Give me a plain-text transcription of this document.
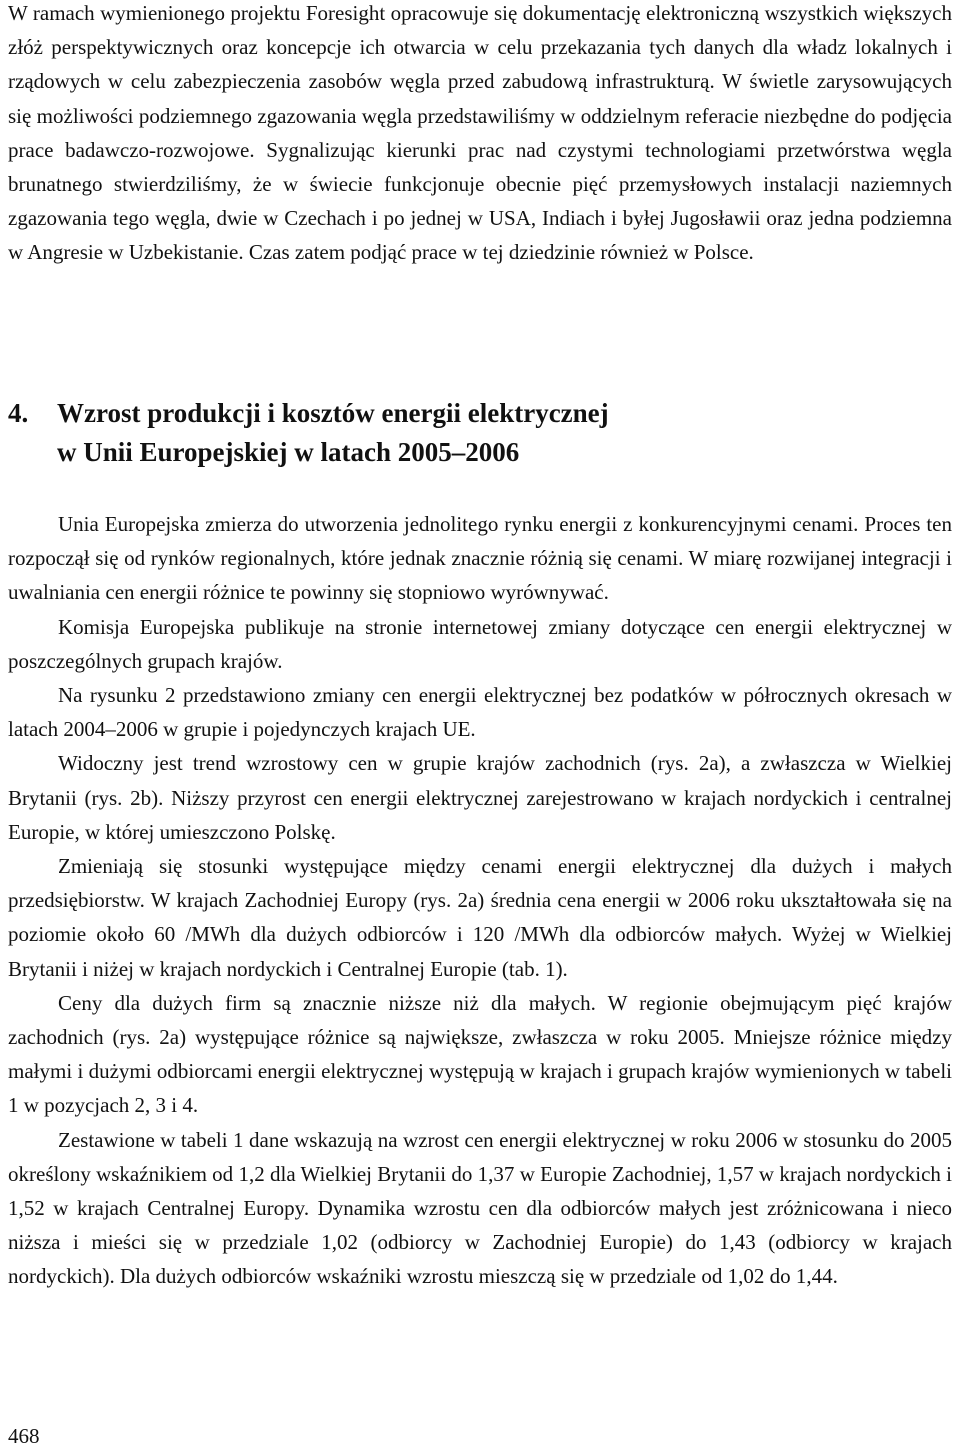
W ramach wymienionego projektu Foresight opracowuje się dokumentację elektroniczną wszystkich większych złóż perspektywicznych oraz koncepcje ich otwarcia w celu przekazania tych danych dla władz lokalnych i rządowych w celu zabezpieczenia zasobów węgla przed zabudową infrastrukturą. W świetle zarysowujących się możliwości podziemnego zgazowania węgla przedstawiliśmy w oddzielnym referacie niezbędne do podjęcia prace badawczo-rozwojowe. Sygnalizując kierunki prac nad czystymi technologiami przetwórstwa węgla brunatnego stwierdziliśmy, że w świecie funkcjonuje obecnie pięć przemysłowych instalacji naziemnych zgazowania tego węgla, dwie w Czechach i po jednej w USA, Indiach i byłej Jugosławii oraz jedna podziemna w Angresie w Uzbekistanie. Czas zatem podjąć prace w tej dziedzinie również w Polsce.

4. Wzrost produkcji i kosztów energii elektrycznej
w Unii Europejskiej w latach 2005–2006

Unia Europejska zmierza do utworzenia jednolitego rynku energii z konkurencyjnymi cenami. Proces ten rozpoczął się od rynków regionalnych, które jednak znacznie różnią się cenami. W miarę rozwijanej integracji i uwalniania cen energii różnice te powinny się stopniowo wyrównywać.

Komisja Europejska publikuje na stronie internetowej zmiany dotyczące cen energii elektrycznej w poszczególnych grupach krajów.

Na rysunku 2 przedstawiono zmiany cen energii elektrycznej bez podatków w półrocznych okresach w latach 2004–2006 w grupie i pojedynczych krajach UE.

Widoczny jest trend wzrostowy cen w grupie krajów zachodnich (rys. 2a), a zwłaszcza w Wielkiej Brytanii (rys. 2b). Niższy przyrost cen energii elektrycznej zarejestrowano w krajach nordyckich i centralnej Europie, w której umieszczono Polskę.

Zmieniają się stosunki występujące między cenami energii elektrycznej dla dużych i małych przedsiębiorstw. W krajach Zachodniej Europy (rys. 2a) średnia cena energii w 2006 roku ukształtowała się na poziomie około 60 /MWh dla dużych odbiorców i 120 /MWh dla odbiorców małych. Wyżej w Wielkiej Brytanii i niżej w krajach nordyckich i Centralnej Europie (tab. 1).

Ceny dla dużych firm są znacznie niższe niż dla małych. W regionie obejmującym pięć krajów zachodnich (rys. 2a) występujące różnice są największe, zwłaszcza w roku 2005. Mniejsze różnice między małymi i dużymi odbiorcami energii elektrycznej występują w krajach i grupach krajów wymienionych w tabeli 1 w pozycjach 2, 3 i 4.

Zestawione w tabeli 1 dane wskazują na wzrost cen energii elektrycznej w roku 2006 w stosunku do 2005 określony wskaźnikiem od 1,2 dla Wielkiej Brytanii do 1,37 w Europie Zachodniej, 1,57 w krajach nordyckich i 1,52 w krajach Centralnej Europy. Dynamika wzrostu cen dla odbiorców małych jest zróżnicowana i nieco niższa i mieści się w przedziale 1,02 (odbiorcy w Zachodniej Europie) do 1,43 (odbiorcy w krajach nordyckich). Dla dużych odbiorców wskaźniki wzrostu mieszczą się w przedziale od 1,02 do 1,44.

468
